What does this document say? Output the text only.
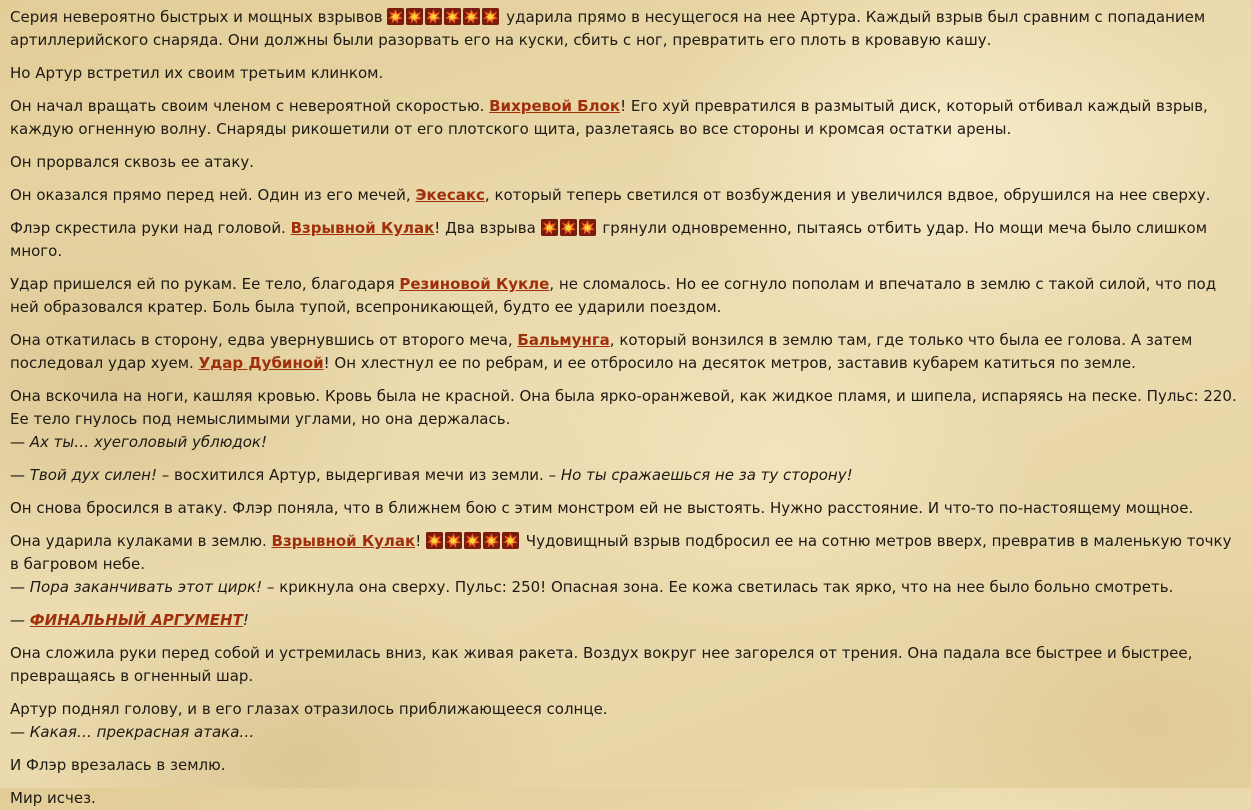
Серия невероятно быстрых и мощных взрывов	ударила прямо в несущегося на нее Артура. Каждый взрыв был сравним с попаданием артиллерийского снаряда. Они должны были разорвать его на куски, сбить с ног, превратить его плоть в кровавую кашу.

Но Артур встретил их своим третьим клинком.

Он начал вращать своим членом с невероятной скоростью. Вихревой Блок! Его хуй превратился в размытый диск, который отбивал каждый взрыв, каждую огненную волну. Снаряды рикошетили от его плотского щита, разлетаясь во все стороны и кромсая остатки арены.

Он прорвался сквозь ее атаку.

Он оказался прямо перед ней. Один из его мечей, Экесакс, который теперь светился от возбуждения и увеличился вдвое, обрушился на нее сверху.

Флэр скрестила руки над головой. Взрывной Кулак! Два взрыва	грянули одновременно, пытаясь отбить удар. Но мощи меча было слишком много.

Удар пришелся ей по рукам. Ее тело, благодаря Резиновой Кукле, не сломалось. Но ее согнуло пополам и впечатало в землю с такой силой, что под ней образовался кратер. Боль была тупой, всепроникающей, будто ее ударили поездом.

Она откатилась в сторону, едва увернувшись от второго меча, Бальмунга, который вонзился в землю там, где только что была ее голова. А затем последовал удар хуем. Удар Дубиной! Он хлестнул ее по ребрам, и ее отбросило на десяток метров, заставив кубарем катиться по земле.

Она вскочила на ноги, кашляя кровью. Кровь была не красной. Она была ярко-оранжевой, как жидкое пламя, и шипела, испаряясь на песке. Пульс: 220. Ее тело гнулось под немыслимыми углами, но она держалась.
— Ах ты… хуеголовый ублюдок!

— Твой дух силен! – восхитился Артур, выдергивая мечи из земли. – Но ты сражаешься не за ту сторону!

Он снова бросился в атаку. Флэр поняла, что в ближнем бою с этим монстром ей не выстоять. Нужно расстояние. И что-то по-настоящему мощное.

Она ударила кулаками в землю. Взрывной Кулак!	Чудовищный взрыв подбросил ее на сотню метров вверх, превратив в маленькую точку в багровом небе.
— Пора заканчивать этот цирк! – крикнула она сверху. Пульс: 250! Опасная зона. Ее кожа светилась так ярко, что на нее было больно смотреть.

— ФИНАЛЬНЫЙ АРГУМЕНТ!

Она сложила руки перед собой и устремилась вниз, как живая ракета. Воздух вокруг нее загорелся от трения. Она падала все быстрее и быстрее, превращаясь в огненный шар.

Артур поднял голову, и в его глазах отразилось приближающееся солнце.
— Какая… прекрасная атака…

И Флэр врезалась в землю.

Мир исчез.
